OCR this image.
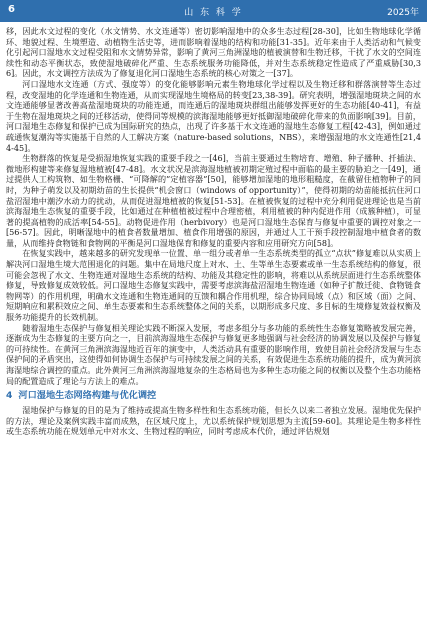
6	山 东 科 学	2025年

移，因此水文过程的变化（水文情势、水文连通等）密切影响湿地中的众多生态过程[28-30]，比如生物地球化学循环、地貌过程、生境塑造、动植物生活史等，进而影响着湿地的结构和功能[31-35]。近年来由于人类活动和气候变化引起河口湿地水文过程受阻和水文情势异常，影响了黄河三角洲湿地的植被演替和生物迁移，干扰了水文的空间连续性和动态平衡状态，致使湿地破碎化严重、生态系统服务功能降低，并对生态系统稳定性造成了严重威胁[30,36]。因此，水文调控方法成为了修复退化河口湿地生态系统的核心对策之一[37]。

河口湿地水文连通（方式、强度等）的变化能够影响元素生物地球化学过程以及生物迁移和群落演替等生态过程，改变湿地的化学连通和生物连通，从而实现湿地生境格局的转变[23,38-39]。研究表明，增强湿地斑块之间的水文连通能够显著改善高盐湿地斑块的功能连通，而连通后的湿地斑块群组出能够发挥更好的生态功能[40-41]，有益于生物在湿地斑块之间的迁移活动，使得同等规模的滨海湿地能够更好抵御湿地破碎化带来的负面影响[39]。目前，河口湿地生态修复和保护已成为国际研究的热点，出现了许多基于水文连通的湿地生态修复工程[42-43]，例如通过疏通恢复潮沟等实施基于自然的人工解决方案（nature-based solutions，NBS），来增强湿地的水文连通性[21,44-45]。

生物群落的恢复是受损湿地恢复实践的重要手段之一[46]，当前主要通过生物培育、增殖、种子播种、扦插法、微地形构建等来修复湿地植被[47-48]。水文状况是滨海湿地植被初期定殖过程中面临的最主要的胁迫之一[49]，通过提供人工构筑物、如生物格栅、“可降解的”定植容器”[50]，能够增加湿地的地形粗糙度，在截留住植物种子的同时，为种子萌发以及初期幼苗的生长提供“机会窗口（windows of opportunity）”，使得初期的幼苗能抵抗住河口盐沼湿地中潮汐水动力的扰动，从而促进湿地植被的恢复[51-53]。在植被恢复的过程中充分利用促进理论也是当前滨海湿地生态恢复的重要手段，比如通过在种植植被过程中合理密植，利用植被的种内促进作用（成簇种植），可显著的提高植物的成活率[54-55]。动物促进作用（herbivory）也是河口湿地生态保育与修复中重要的调控对象之一[56-57]。因此，明晰湿地中的植食者数量增加、植食作用增强的原因，并通过人工干预手段控制湿地中植食者的数量，从而维持食物链和食物网的平衡是河口湿地保育和修复的重要内容和应用研究方向[58]。

在恢复实践中，越来越多的研究发现单一位置、单一组分或者单一生态系统类型的孤立“点状”修复难以从实质上解决河口湿地生境大范围退化的问题。集中在局地尺度上对水、土、生等单生态要素或单一生态系统结构的修复，很可能会忽视了水文、生物连通对湿地生态系统的结构、功能及其稳定性的影响，将难以从系统层面进行生态系统整体修复，导致修复成效较低。河口湿地生态修复实践中，需要考虑滨海盐沼湿地生物连通（如种子扩散迁徙、食物链食物网等）的作用机理，明确水文连通和生物连通间的互馈和耦合作用机理，综合协同局域（点）和区域（面）之间、短期响应和累积效应之间、单生态要素和生态系统整体之间的关系，以期形成多尺度、多目标的生境修复效益权衡及服务功能提升的长效机制。

随着湿地生态保护与修复相关理论实践不断深入发展，考虑多组分与多功能的系统性生态修复策略被发展完善，逐渐成为生态修复的主要方向之一，目前滨海湿地生态保护与修复更多地强调与社会经济的协调发展以及保护与修复的可持续性。在黄河三角洲滨海湿地近百年的演变中，人类活动具有重要的影响作用，致使目前社会经济发展与生态保护间的矛盾突出，这使得如何协调生态保护与可持续发展之间的关系，有效促进生态系统功能的提升，成为黄河滨海湿地综合调控的重点。此外黄河三角洲滨海湿地复杂的生态格局也为多种生态功能之间的权衡以及整个生态功能格局的配置造成了理论与方法上的难点。

4 河口湿地生态网络构建与优化调控

湿地保护与修复的目的是为了维持或提高生物多样性和生态系统功能，但长久以来二者独立发展。湿地优先保护的方法，理论及案例实践丰富而成熟，在区域尺度上，尤以系统保护规划思想为主流[59-60]。其理论是生物多样性或生态系统功能在规划单元中对水文、生物过程的响应，同时考虑成本代价，通过评估规划
